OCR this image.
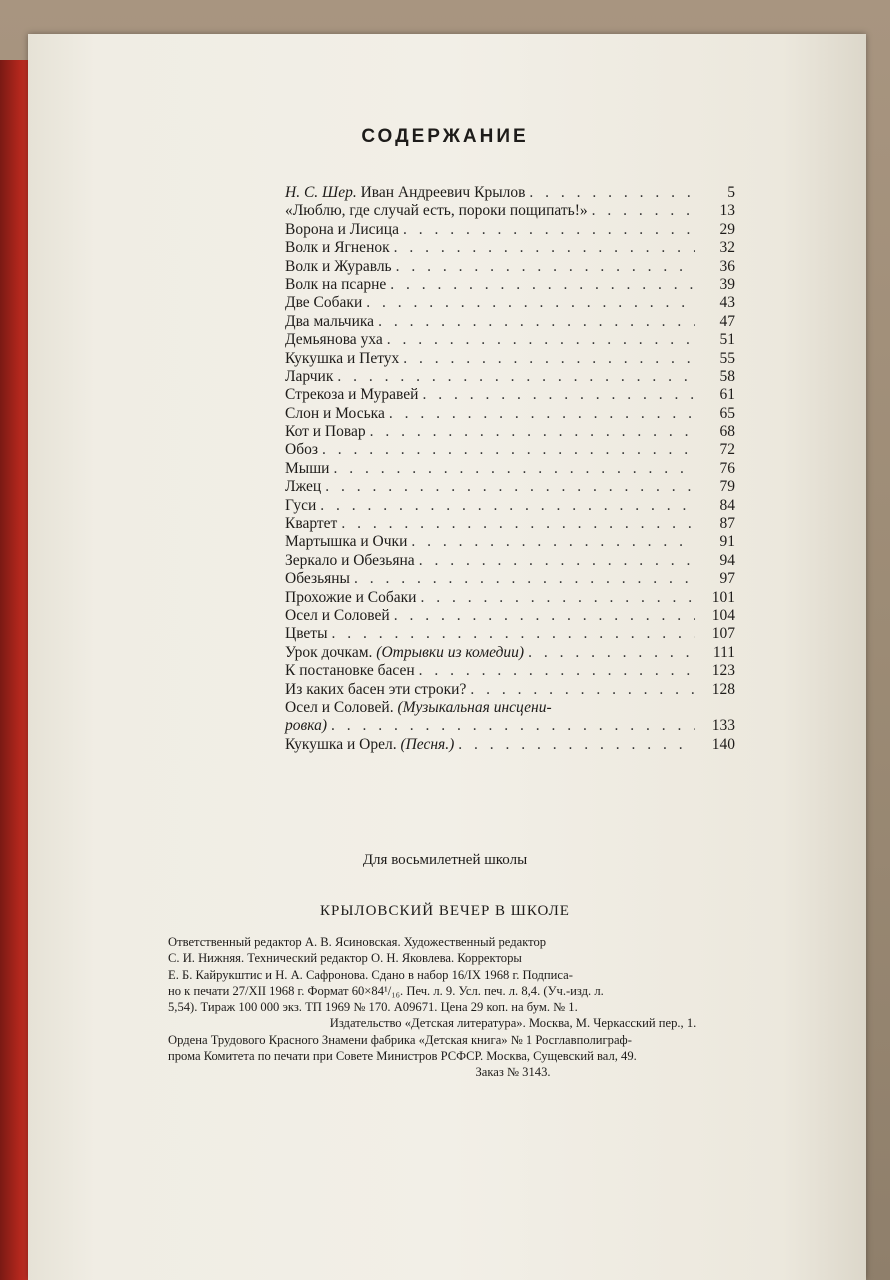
СОДЕРЖАНИЕ
Н. С. Шер. Иван Андреевич Крылов . . .	5
«Люблю, где случай есть, пороки пощипать!» . . .	13
Ворона и Лисица . . .	29
Волк и Ягненок . . .	32
Волк и Журавль . . .	36
Волк на псарне . . .	39
Две Собаки . . .	43
Два мальчика . . .	47
Демьянова уха . . .	51
Кукушка и Петух . . .	55
Ларчик . . .	58
Стрекоза и Муравей . . .	61
Слон и Моська . . .	65
Кот и Повар . . .	68
Обоз . . .	72
Мыши . . .	76
Лжец . . .	79
Гуси . . .	84
Квартет . . .	87
Мартышка и Очки . . .	91
Зеркало и Обезьяна . . .	94
Обезьяны . . .	97
Прохожие и Собаки . . .	101
Осел и Соловей . . .	104
Цветы . . .	107
Урок дочкам. (Отрывки из комедии) . . .	111
К постановке басен . . .	123
Из каких басен эти строки? . . .	128
Осел и Соловей. (Музыкальная инсцени-
ровка) . . .	133
Кукушка и Орел. (Песня.) . . .	140
Для восьмилетней школы
КРЫЛОВСКИЙ ВЕЧЕР В ШКОЛЕ
Ответственный редактор А. В. Ясиновская. Художественный редактор
С. И. Нижняя. Технический редактор О. Н. Яковлева. Корректоры
Е. Б. Кайрукштис и Н. А. Сафронова. Сдано в набор 16/IX 1968 г. Подписа-
но к печати 27/XII 1968 г. Формат 60×84¹/₁₆. Печ. л. 9. Усл. печ. л. 8,4. (Уч.-изд. л.
5,54). Тираж 100 000 экз. ТП 1969 № 170. А09671. Цена 29 коп. на бум. № 1.
Издательство «Детская литература». Москва, М. Черкасский пер., 1.
Ордена Трудового Красного Знамени фабрика «Детская книга» № 1 Росглавполиграф-
прома Комитета по печати при Совете Министров РСФСР. Москва, Сущевский вал, 49.
Заказ № 3143.
